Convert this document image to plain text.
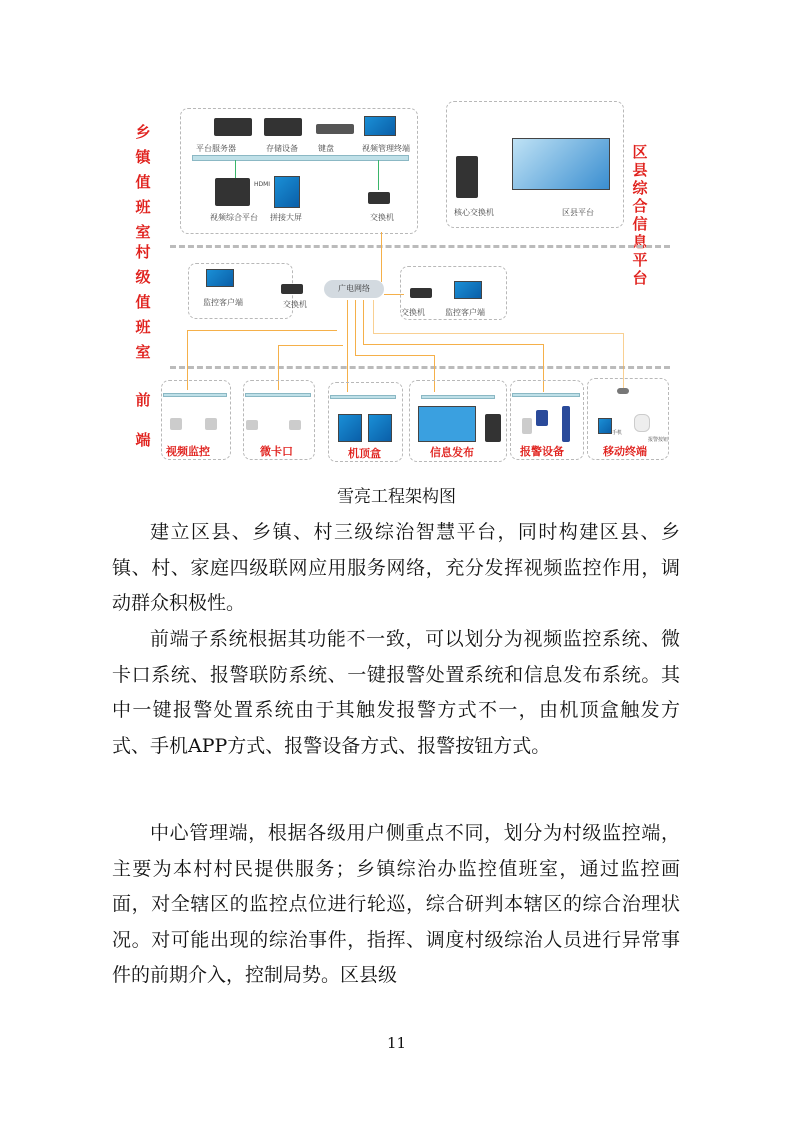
乡镇值班室
村级值班室
前端
区县综合信息平台
平台服务器	存储设备	键盘	视频管理终端
视频综合平台
HDMI
拼接大屏	交换机
核心交换机	区县平台
监控客户端	交换机
广电网络
交换机	监控客户端
视频监控	微卡口	机顶盒	信息发布	报警设备
手机
报警按钮
移动终端
雪亮工程架构图
建立区县、乡镇、村三级综治智慧平台，同时构建区县、乡镇、村、家庭四级联网应用服务网络，充分发挥视频监控作用，调动群众积极性。
前端子系统根据其功能不一致，可以划分为视频监控系统、微卡口系统、报警联防系统、一键报警处置系统和信息发布系统。其中一键报警处置系统由于其触发报警方式不一，由机顶盒触发方式、手机APP方式、报警设备方式、报警按钮方式。
中心管理端，根据各级用户侧重点不同，划分为村级监控端，主要为本村村民提供服务；乡镇综治办监控值班室，通过监控画面，对全辖区的监控点位进行轮巡，综合研判本辖区的综合治理状况。对可能出现的综治事件，指挥、调度村级综治人员进行异常事件的前期介入，控制局势。区县级
11
